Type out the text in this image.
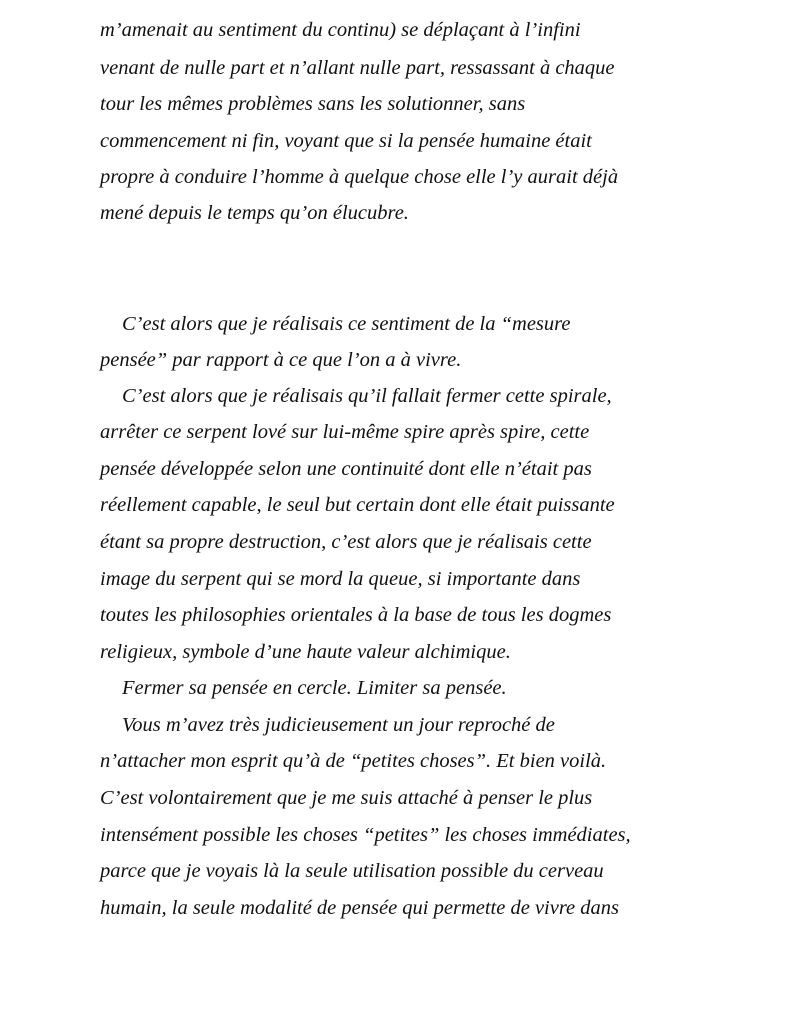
m’amenait au sentiment du continu) se déplaçant à l’infini

venant de nulle part et n’allant nulle part, ressassant à chaque

tour les mêmes problèmes sans les solutionner, sans

commencement ni fin, voyant que si la pensée humaine était

propre à conduire l’homme à quelque chose elle l’y aurait déjà

mené depuis le temps qu’on élucubre.

C’est alors que je réalisais ce sentiment de la “mesure

pensée” par rapport à ce que l’on a à vivre.

C’est alors que je réalisais qu’il fallait fermer cette spirale,

arrêter ce serpent lové sur lui-même spire après spire, cette

pensée développée selon une continuité dont elle n’était pas

réellement capable, le seul but certain dont elle était puissante

étant sa propre destruction, c’est alors que je réalisais cette

image du serpent qui se mord la queue, si importante dans

toutes les philosophies orientales à la base de tous les dogmes

religieux, symbole d’une haute valeur alchimique.

Fermer sa pensée en cercle. Limiter sa pensée.

Vous m’avez très judicieusement un jour reproché de

n’attacher mon esprit qu’à de “petites choses”. Et bien voilà.

C’est volontairement que je me suis attaché à penser le plus

intensément possible les choses “petites” les choses immédiates,

parce que je voyais là la seule utilisation possible du cerveau

humain, la seule modalité de pensée qui permette de vivre dans
